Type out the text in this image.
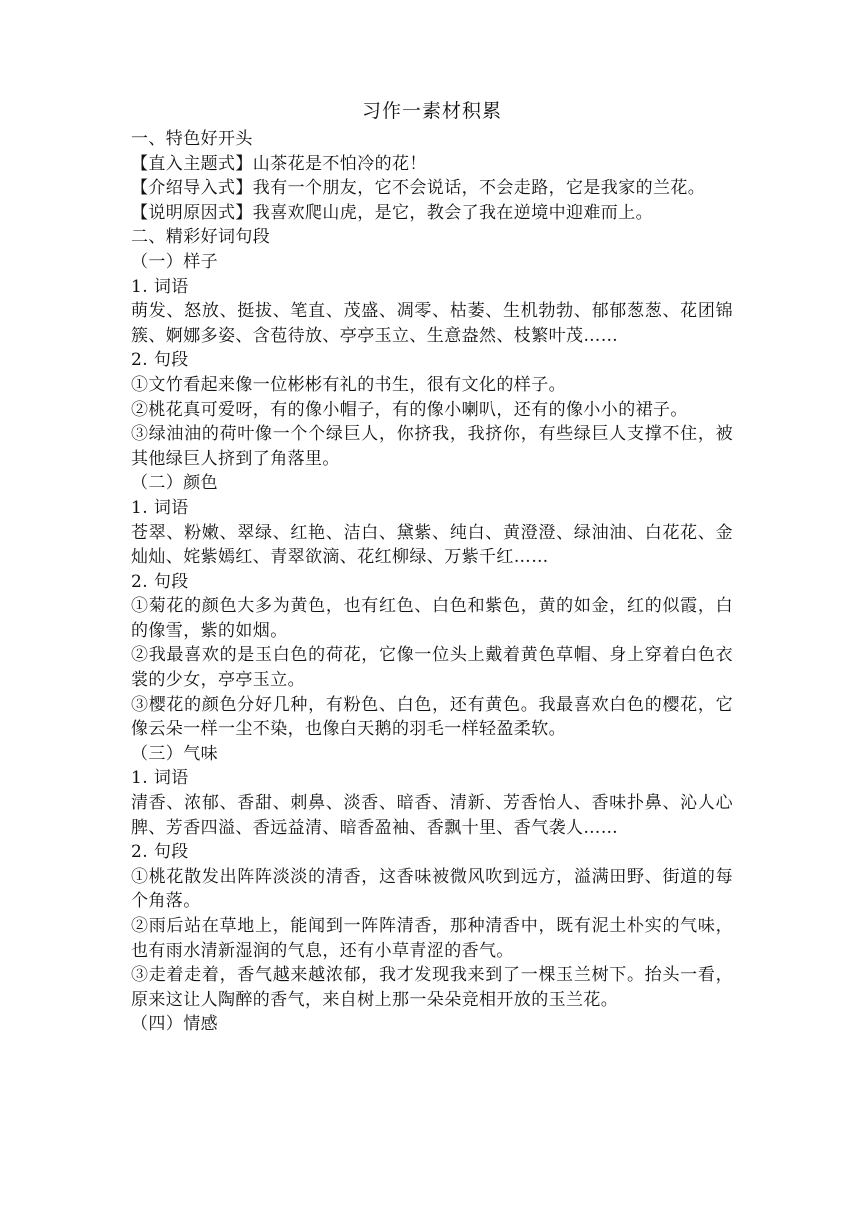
习作一素材积累

一、特色好开头

【直入主题式】山茶花是不怕冷的花！

【介绍导入式】我有一个朋友，它不会说话，不会走路，它是我家的兰花。

【说明原因式】我喜欢爬山虎，是它，教会了我在逆境中迎难而上。

二、精彩好词句段

（一）样子

1. 词语

萌发、怒放、挺拔、笔直、茂盛、凋零、枯萎、生机勃勃、郁郁葱葱、花团锦簇、婀娜多姿、含苞待放、亭亭玉立、生意盎然、枝繁叶茂……

2. 句段

①文竹看起来像一位彬彬有礼的书生，很有文化的样子。

②桃花真可爱呀，有的像小帽子，有的像小喇叭，还有的像小小的裙子。

③绿油油的荷叶像一个个绿巨人，你挤我，我挤你，有些绿巨人支撑不住，被其他绿巨人挤到了角落里。

（二）颜色

1. 词语

苍翠、粉嫩、翠绿、红艳、洁白、黛紫、纯白、黄澄澄、绿油油、白花花、金灿灿、姹紫嫣红、青翠欲滴、花红柳绿、万紫千红……

2. 句段

①菊花的颜色大多为黄色，也有红色、白色和紫色，黄的如金，红的似霞，白的像雪，紫的如烟。

②我最喜欢的是玉白色的荷花，它像一位头上戴着黄色草帽、身上穿着白色衣裳的少女，亭亭玉立。

③樱花的颜色分好几种，有粉色、白色，还有黄色。我最喜欢白色的樱花，它像云朵一样一尘不染，也像白天鹅的羽毛一样轻盈柔软。

（三）气味

1. 词语

清香、浓郁、香甜、刺鼻、淡香、暗香、清新、芳香怡人、香味扑鼻、沁人心脾、芳香四溢、香远益清、暗香盈袖、香飘十里、香气袭人……

2. 句段

①桃花散发出阵阵淡淡的清香，这香味被微风吹到远方，溢满田野、街道的每个角落。

②雨后站在草地上，能闻到一阵阵清香，那种清香中，既有泥土朴实的气味，也有雨水清新湿润的气息，还有小草青涩的香气。

③走着走着，香气越来越浓郁，我才发现我来到了一棵玉兰树下。抬头一看，原来这让人陶醉的香气，来自树上那一朵朵竞相开放的玉兰花。

（四）情感
